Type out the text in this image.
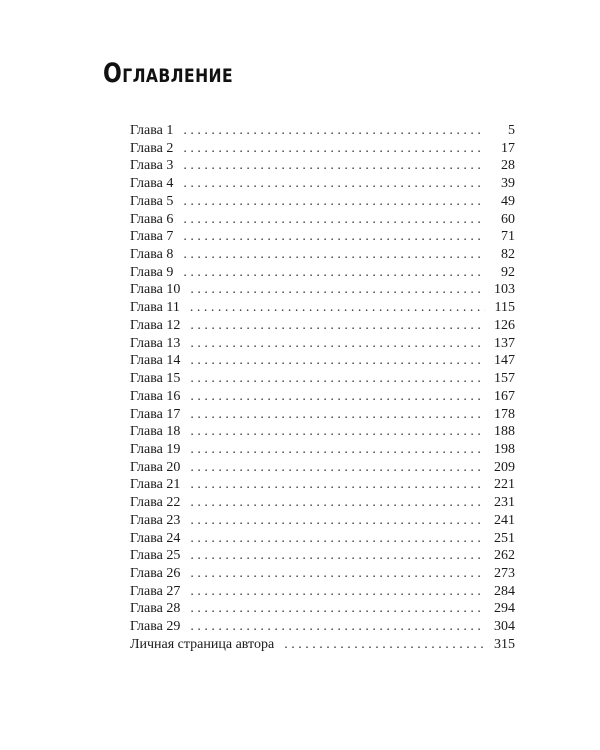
Оглавление
Глава 1 . . .	5
Глава 2 . . .	17
Глава 3 . . .	28
Глава 4 . . .	39
Глава 5 . . .	49
Глава 6 . . .	60
Глава 7 . . .	71
Глава 8 . . .	82
Глава 9 . . .	92
Глава 10 . . .	103
Глава 11 . . .	115
Глава 12 . . .	126
Глава 13 . . .	137
Глава 14 . . .	147
Глава 15 . . .	157
Глава 16 . . .	167
Глава 17 . . .	178
Глава 18 . . .	188
Глава 19 . . .	198
Глава 20 . . .	209
Глава 21 . . .	221
Глава 22 . . .	231
Глава 23 . . .	241
Глава 24 . . .	251
Глава 25 . . .	262
Глава 26 . . .	273
Глава 27 . . .	284
Глава 28 . . .	294
Глава 29 . . .	304
Личная страница автора . . .	315
